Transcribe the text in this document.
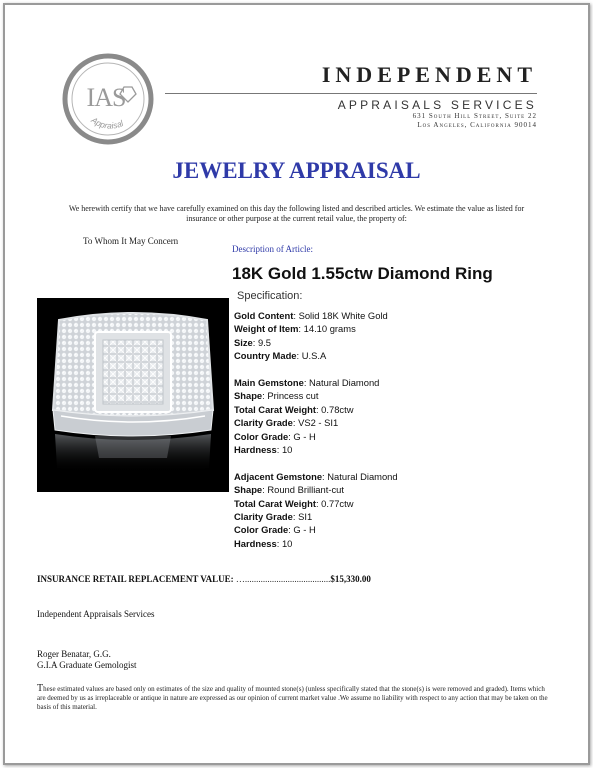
IAS
Appraisal
INDEPENDENT
APPRAISALS SERVICES
631 South Hill Street, Suite 22
Los Angeles, California 90014
JEWELRY APPRAISAL
We herewith certify that we have carefully examined on this day the following listed and described articles. We estimate the value as listed for
insurance or other purpose at the current retail value, the property of:
To Whom It May Concern
Description of Article:
18K Gold 1.55ctw Diamond Ring
Specification:
Gold Content: Solid 18K White Gold
Weight of Item: 14.10 grams
Size: 9.5
Country Made: U.S.A
Main Gemstone: Natural Diamond
Shape: Princess cut
Total Carat Weight: 0.78ctw
Clarity Grade: VS2 - SI1
Color Grade: G - H
Hardness: 10
Adjacent Gemstone: Natural Diamond
Shape: Round Brilliant-cut
Total Carat Weight: 0.77ctw
Clarity Grade: SI1
Color Grade: G - H
Hardness: 10
INSURANCE RETAIL REPLACEMENT VALUE: …......................................$15,330.00
Independent Appraisals Services
Roger Benatar, G.G.
G.I.A Graduate Gemologist
These estimated values are based only on estimates of the size and quality of mounted stone(s) (unless specifically stated that the stone(s) is were removed and graded). Items which are deemed by us as irreplaceable or antique in nature are expressed as our opinion of current market value .We assume no liability with respect to any action that may be taken on the basis of this material.
